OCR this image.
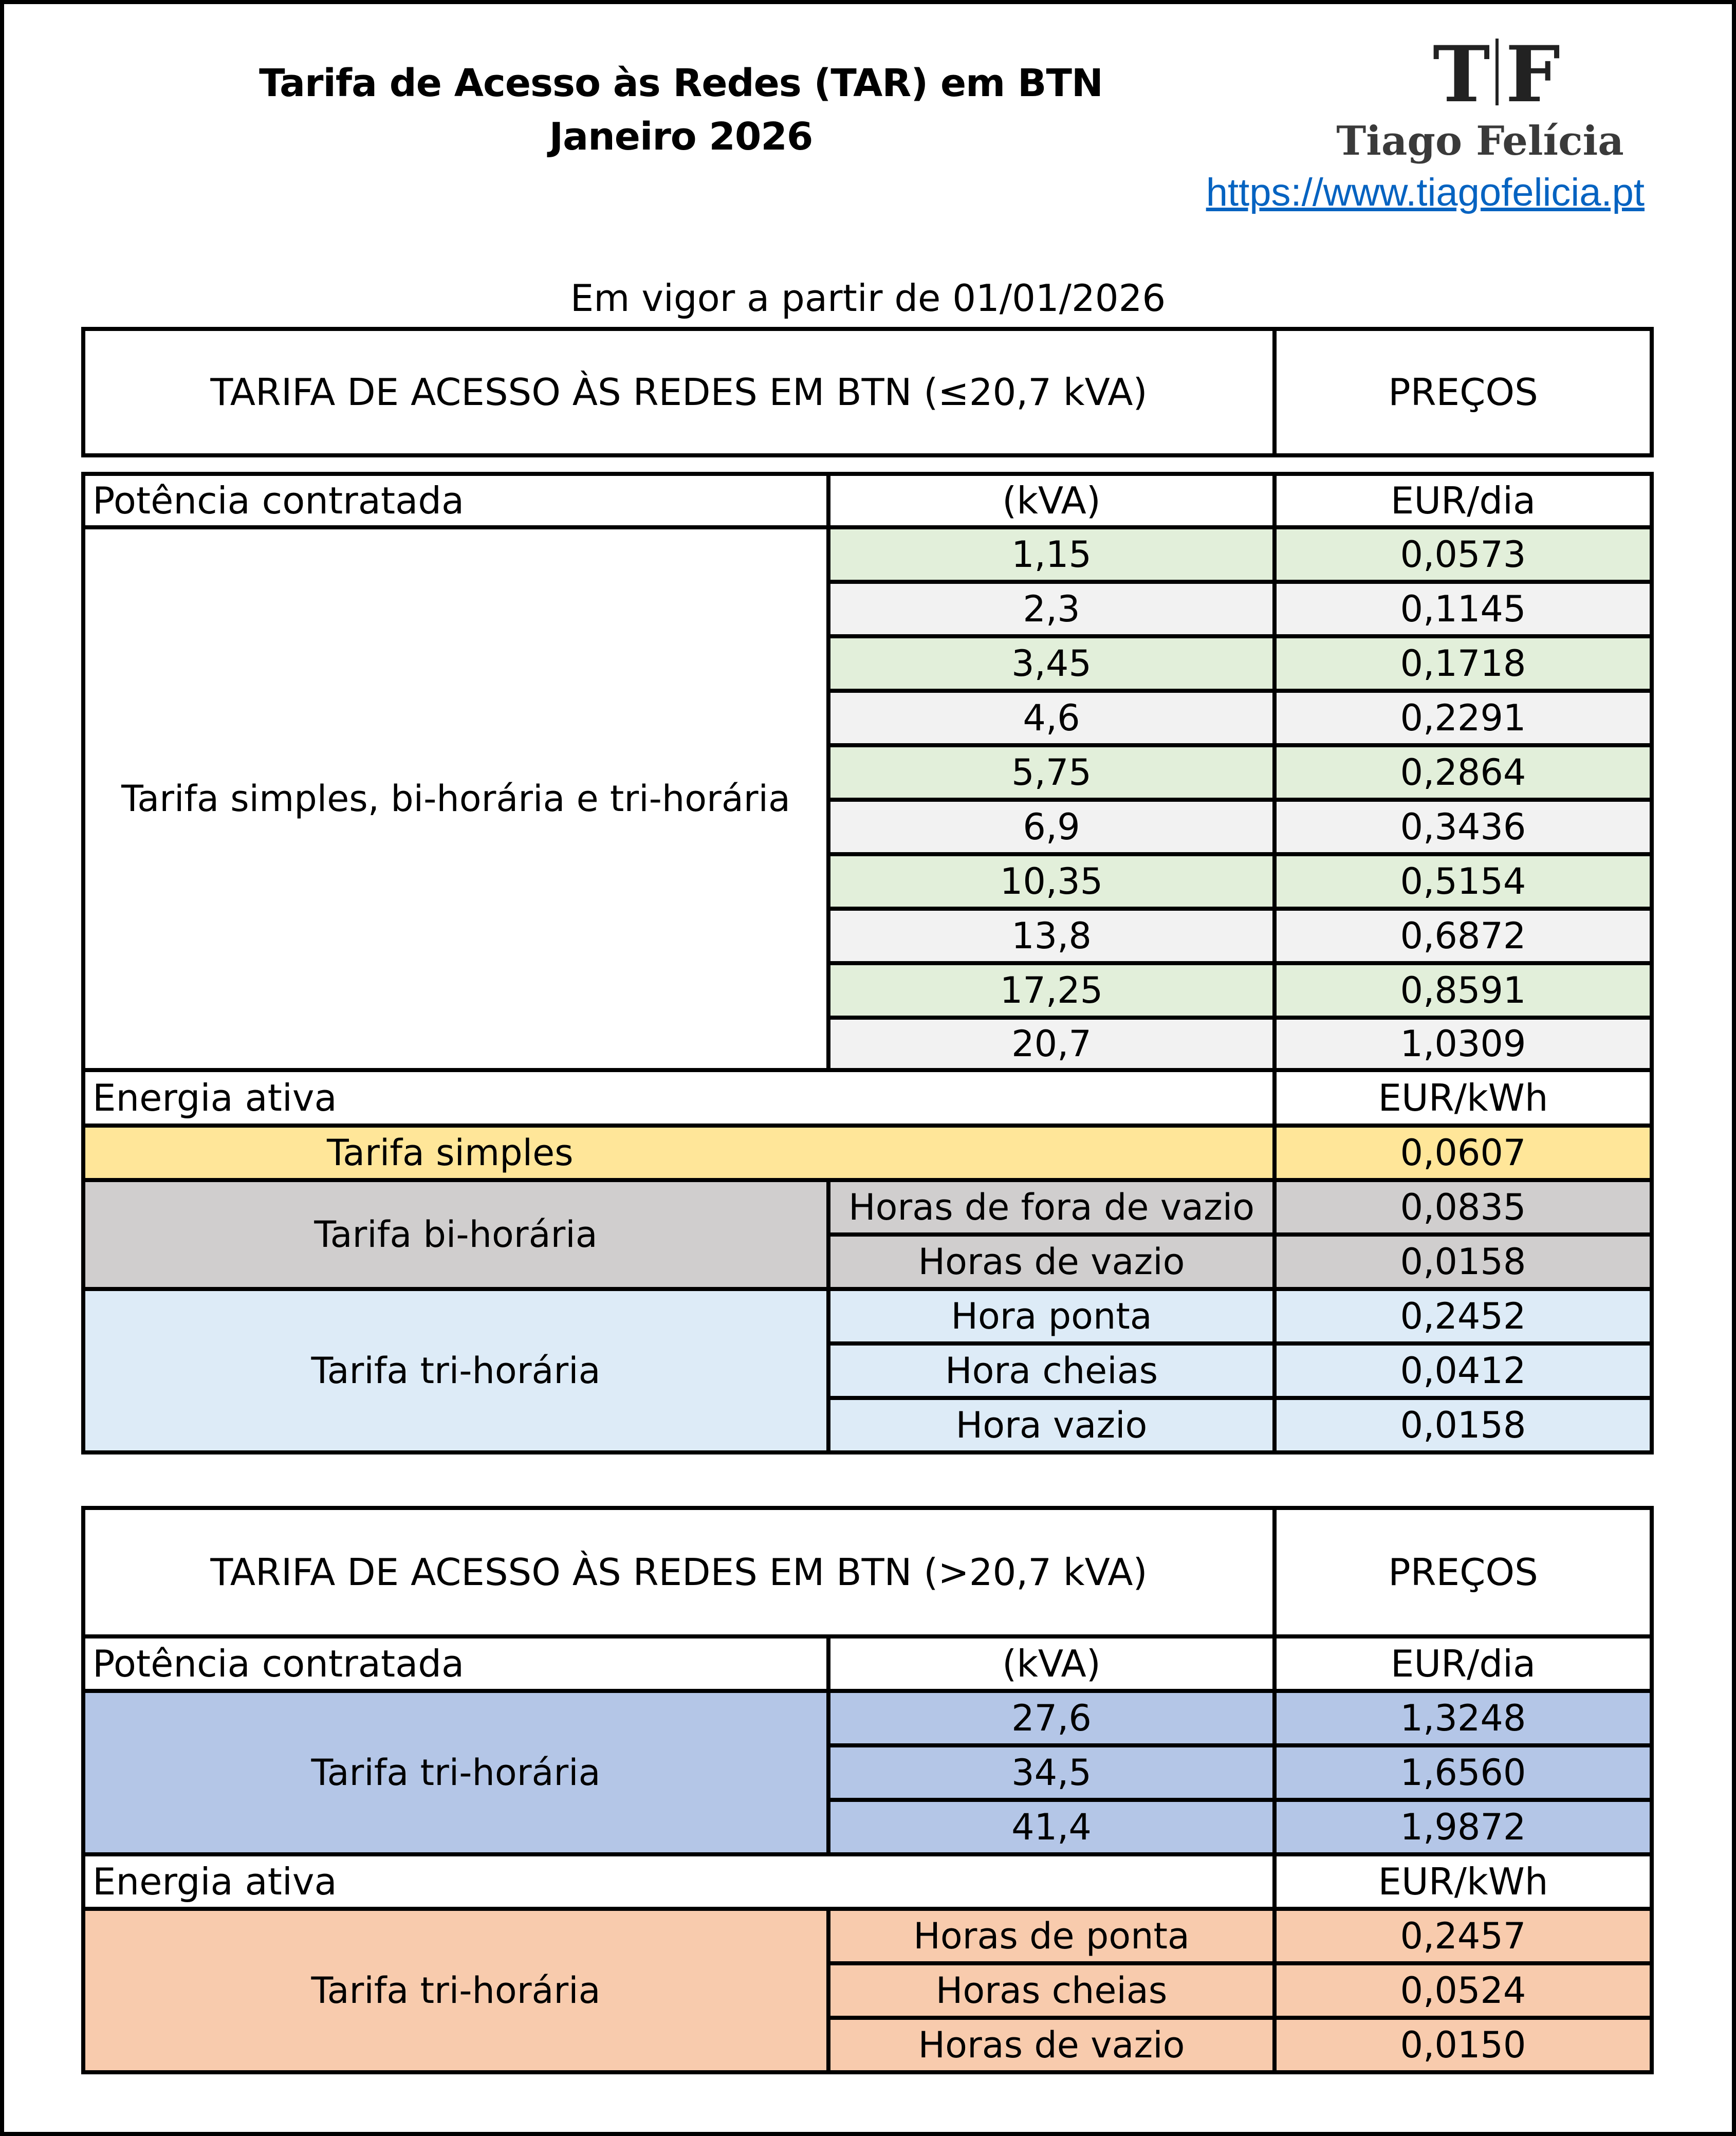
Tarifa de Acesso às Redes (TAR) em BTN
Janeiro 2026
T F
Tiago Felícia
https://www.tiagofelicia.pt
Em vigor a partir de 01/01/2026
TARIFA DE ACESSO ÀS REDES EM BTN (≤20,7 kVA)	PREÇOS
Potência contratada	(kVA)	EUR/dia
Tarifa simples, bi-horária e tri-horária
1,15	0,0573
2,3	0,1145
3,45	0,1718
4,6	0,2291
5,75	0,2864
6,9	0,3436
10,35	0,5154
13,8	0,6872
17,25	0,8591
20,7	1,0309
Energia ativa	EUR/kWh
Tarifa simples	0,0607
Tarifa bi-horária
Horas de fora de vazio	0,0835
Horas de vazio	0,0158
Tarifa tri-horária
Hora ponta	0,2452
Hora cheias	0,0412
Hora vazio	0,0158
TARIFA DE ACESSO ÀS REDES EM BTN (>20,7 kVA)	PREÇOS
Potência contratada	(kVA)	EUR/dia
Tarifa tri-horária
27,6	1,3248
34,5	1,6560
41,4	1,9872
Energia ativa	EUR/kWh
Tarifa tri-horária
Horas de ponta	0,2457
Horas cheias	0,0524
Horas de vazio	0,0150
